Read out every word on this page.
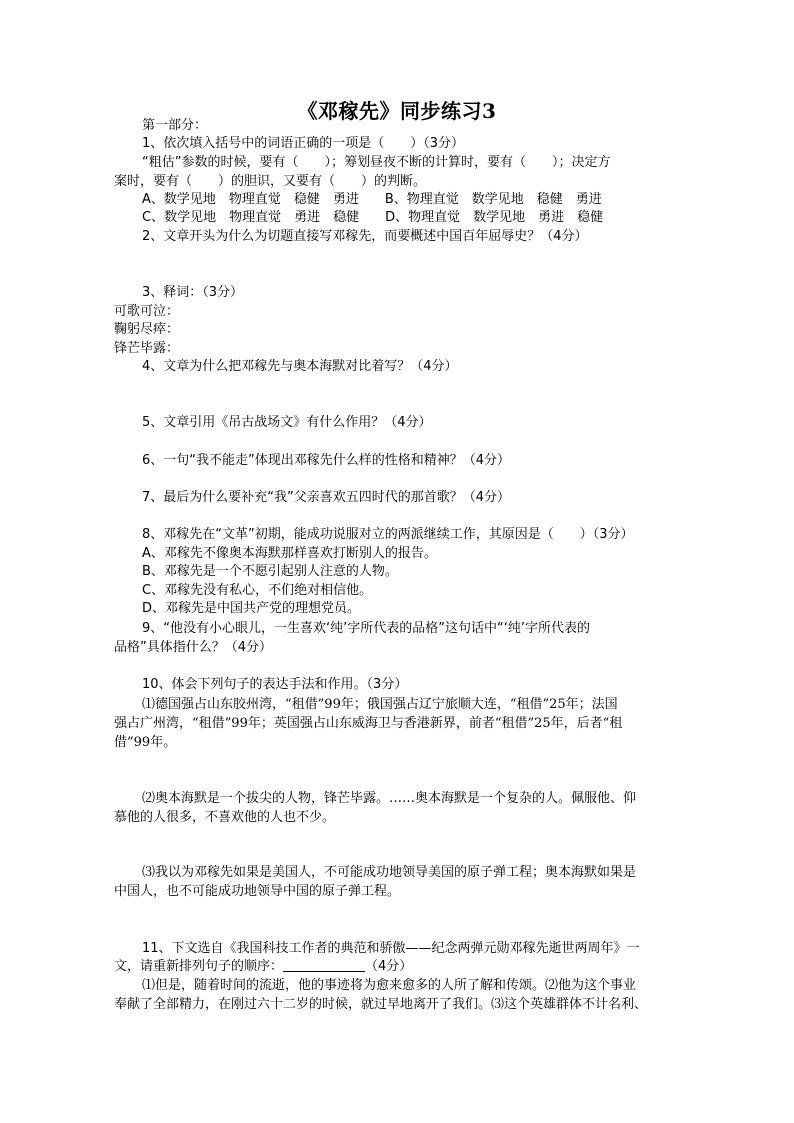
《邓稼先》同步练习3
第一部分：
1、依次填入括号中的词语正确的一项是（　　）（3分）
“粗估”参数的时候，要有（　　）；筹划昼夜不断的计算时，要有（　　）；决定方
案时，要有（　　）的胆识，又要有（　　）的判断。
A、数学见地　物理直觉　稳健　勇进　　B、物理直觉　数学见地　稳健　勇进
C、数学见地　物理直觉　勇进　稳健　　D、物理直觉　数学见地　勇进　稳健
2、文章开头为什么为切题直接写邓稼先，而要概述中国百年屈辱史？（4分）
3、释词：（3分）
可歌可泣：
鞠躬尽瘁：
锋芒毕露：
4、文章为什么把邓稼先与奥本海默对比着写？（4分）
5、文章引用《吊古战场文》有什么作用？（4分）
6、一句“我不能走”体现出邓稼先什么样的性格和精神？（4分）
7、最后为什么要补充“我”父亲喜欢五四时代的那首歌？（4分）
8、邓稼先在“文革”初期，能成功说服对立的两派继续工作，其原因是（　　）（3分）
A、邓稼先不像奥本海默那样喜欢打断别人的报告。
B、邓稼先是一个不愿引起别人注意的人物。
C、邓稼先没有私心，不们绝对相信他。
D、邓稼先是中国共产党的理想党员。
9、“他没有小心眼儿，一生喜欢‘纯’字所代表的品格”这句话中“‘纯’字所代表的
品格”具体指什么？（4分）
10、体会下列句子的表达手法和作用。（3分）
⑴德国强占山东胶州湾，“租借”99年；俄国强占辽宁旅顺大连，“租借”25年；法国
强占广州湾，“租借”99年；英国强占山东威海卫与香港新界，前者“租借”25年，后者“租
借”99年。
⑵奥本海默是一个拔尖的人物，锋芒毕露。……奥本海默是一个复杂的人。佩服他、仰
慕他的人很多，不喜欢他的人也不少。
⑶我以为邓稼先如果是美国人，不可能成功地领导美国的原子弹工程；奥本海默如果是
中国人，也不可能成功地领导中国的原子弹工程。
11、下文选自《我国科技工作者的典范和骄傲——纪念两弹元勋邓稼先逝世两周年》一
文，请重新排列句子的顺序：	（4分）
⑴但是，随着时间的流逝，他的事迹将为愈来愈多的人所了解和传颂。⑵他为这个事业
奉献了全部精力，在刚过六十二岁的时候，就过早地离开了我们。⑶这个英雄群体不计名利、
